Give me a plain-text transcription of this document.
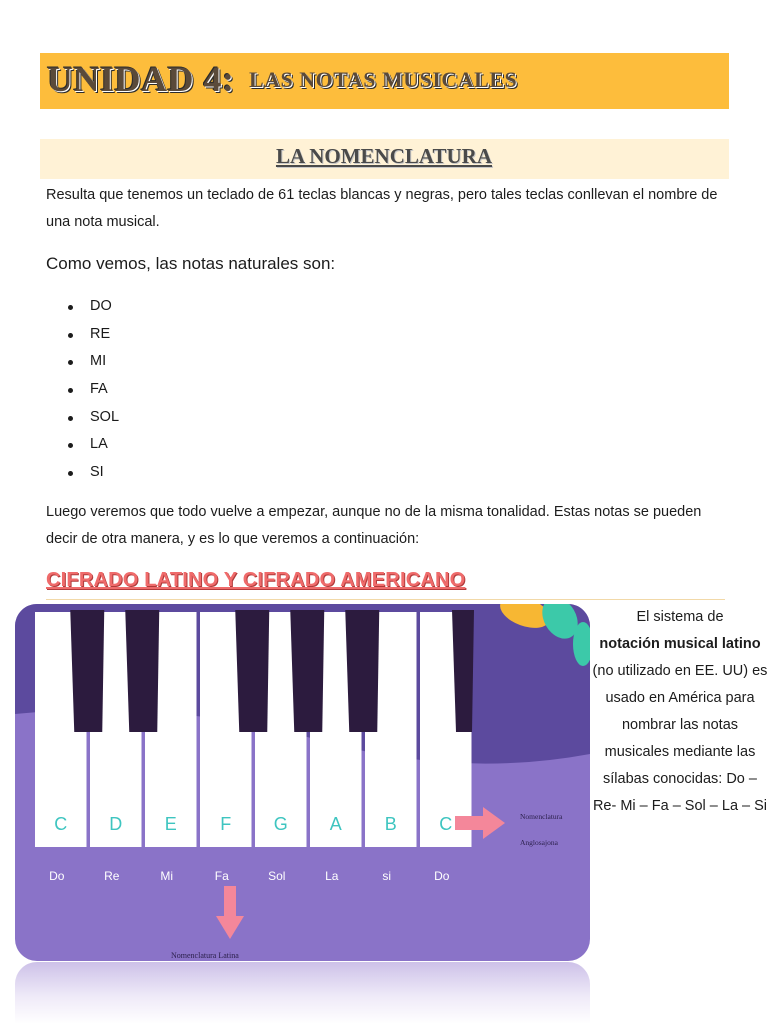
UNIDAD 4: LAS NOTAS MUSICALES
LA NOMENCLATURA
Resulta que tenemos un teclado de 61 teclas blancas y negras, pero tales teclas conllevan el nombre de una nota musical.
Como vemos, las notas naturales son:
DO
RE
MI
FA
SOL
LA
SI
Luego veremos que todo vuelve a empezar, aunque no de la misma tonalidad. Estas notas se pueden decir de otra manera, y es lo que veremos a continuación:
CIFRADO LATINO Y CIFRADO AMERICANO
C D E F G A B C
Do	Re	Mi	Fa	Sol	La	si	Do
Nomenclatura
Anglosajona
Nomenclatura Latina
El sistema de
notación musical latino
(no utilizado en EE. UU) es usado en América para nombrar las notas musicales mediante las sílabas conocidas: Do – Re- Mi – Fa – Sol – La – Si
